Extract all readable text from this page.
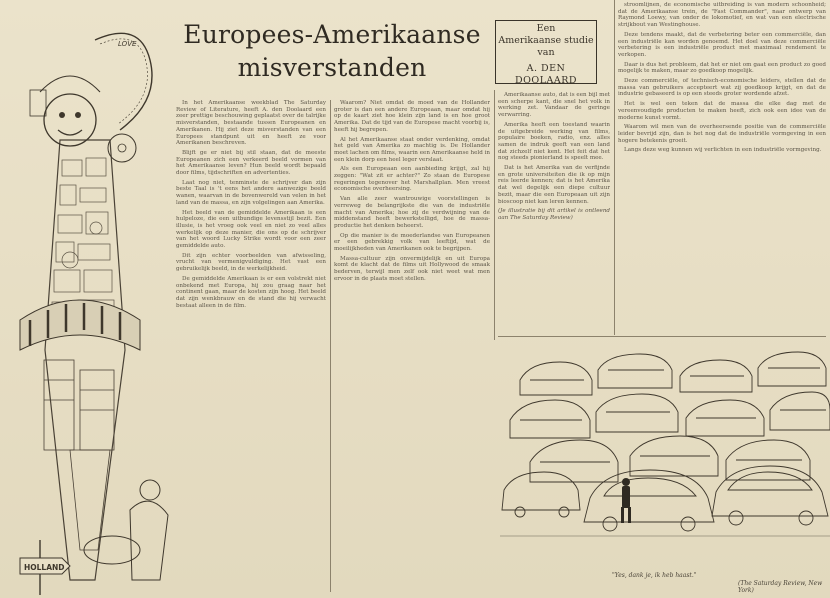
LOVE
HOLLAND
Europees-Amerikaanse
misverstanden
Een
Amerikaanse studie
van
A. DEN DOOLAARD

In het Amerikaanse weekblad The Saturday Review of Literature, heeft A. den Doolaard een zeer prettige beschouwing geplaatst over de talrijke misverstanden, bestaande tussen Europeanen en Amerikanen. Hij ziet deze misverstanden van een Europees standpunt uit en heeft ze voor Amerikanen beschreven.

Blijft ge er niet bij stil staan, dat de meeste Europeanen zich een verkeerd beeld vormen van het Amerikaanse leven? Hun beeld wordt bepaald door films, tijdschriften en advertenties.

Laat nog niet, tenminste de schrijver dan zijn beste Taal is 't eens het andere aanwezige beeld wanen, waarvan in de bovenwereld van velen in het land van de massa, en zijn volgelingen aan Amerika.

Het beeld van de gemiddelde Amerikaan is een hulpeloze, die een uitbundige levensstijl bezit. Een illusie, is het vroeg ook veel en niet zo veel alles werkelijk op deze manier, die ons op de schrijver van het woord Lucky Strike wordt voor een zeer gemiddelde auto.

Dit zijn echter voorbeelden van afwisseling, vrucht van vermenigvuldiging. Het vast een gebruikelijk beeld, in de werkelijkheid.

De gemiddelde Amerikaan is er een volstrekt niet onbekend met Europa, hij zou graag naar het continent gaan, maar de kosten zijn hoog. Het beeld dat zijn wenkbrauw en de stand die hij verwacht bestaat alleen in de film.

Waarom? Niet omdat de moed van de Hollander groter is dan een andere Europeaan, maar omdat hij op de kaart ziet hoe klein zijn land is en hoe groot Amerika. Dat de tijd van de Europese macht voorbij is, heeft hij begrepen.

Al het Amerikaanse staat onder verdenking, omdat het geld van Amerika zo machtig is. De Hollander moet lachen om films, waarin een Amerikaanse held in een klein dorp een heel leger verslaat.

Als een Europeaan een aanbieding krijgt, zal hij zeggen: "Wat zit er achter?" Zo staan de Europese regeringen tegenover het Marshallplan. Men vreest economische overheersing.

Van alle zeer wantrouwige voorstellingen is verreweg de belangrijkste die van de industriële macht van Amerika; hoe zij de verdwijning van de middenstand heeft bewerkstelligd, hoe de massa-productie het denken beheerst.

Op die manier is de moederlandse van Europeanen er een gebrekkig volk van leeftijd, wat de moeilijkheden van Amerikanen ook te begrijpen.

Massa-cultuur zijn onvermijdelijk en uit Europa komt de klacht dat de films uit Hollywood de smaak bederven, terwijl men zelf ook niet weet wat men ervoor in de plaats moet stellen.

Amerikaanse auto, dat is een bijl met een scherpe kant, die snel het volk in werking zet. Vandaar de geringe verwarring.

Amerika heeft een toestand waarin de uitgebreide werking van films, populaire boeken, radio, enz. alles samen de indruk geeft van een land dat zichzelf niet kent. Het feit dat het nog steeds pionierland is speelt mee.

Dat is het Amerika van de verfijnde en grote universiteiten die ik op mijn reis leerde kennen; dat is het Amerika dat wel degelijk een diepe cultuur bezit, maar die een Europeaan uit zijn bioscoop niet kan leren kennen.

(Je illustratie bij dit artikel is ontleend aan The Saturday Review)

stroomlijnen, de economische uitbreiding is van modern schoonheid; dat de Amerikaanse trein, de "Fast Commander", naar ontwerp van Raymond Loewy, van onder de lokomotief, en wat van een electrische strijkbout van Westinghouse.

Deze tendens maakt, dat de verbetering beter een commerciële, dan een industriële kan worden genoemd. Het doel van deze commerciële verbetering is een industriële product met maximaal rendement te verkopen.

Daar is dus het probleem, dat het er niet om gaat een product zo goed mogelijk te maken, maar zo goedkoop mogelijk.

Deze commerciële, of technisch-economische leiders, stellen dat de massa van gebruikers accepteert wat zij goedkoop krijgt, en dat de industrie gebaseerd is op een steeds groter wordende afzet.

Het is wel een teken dat de massa die elke dag met de vereenvoudigde producten te maken heeft, zich ook een idee van de moderne kunst vormt.

Waarom wil men van de overheersende positie van de commerciële leider bevrijd zijn, dan is het nog dat de industriële vormgeving in een hogere betekenis groeit.

Langs deze weg kunnen wij verlichten in een industriële vormgeving.

"Yes, dank je, ik heb haast."
(The Saturday Review, New York)
